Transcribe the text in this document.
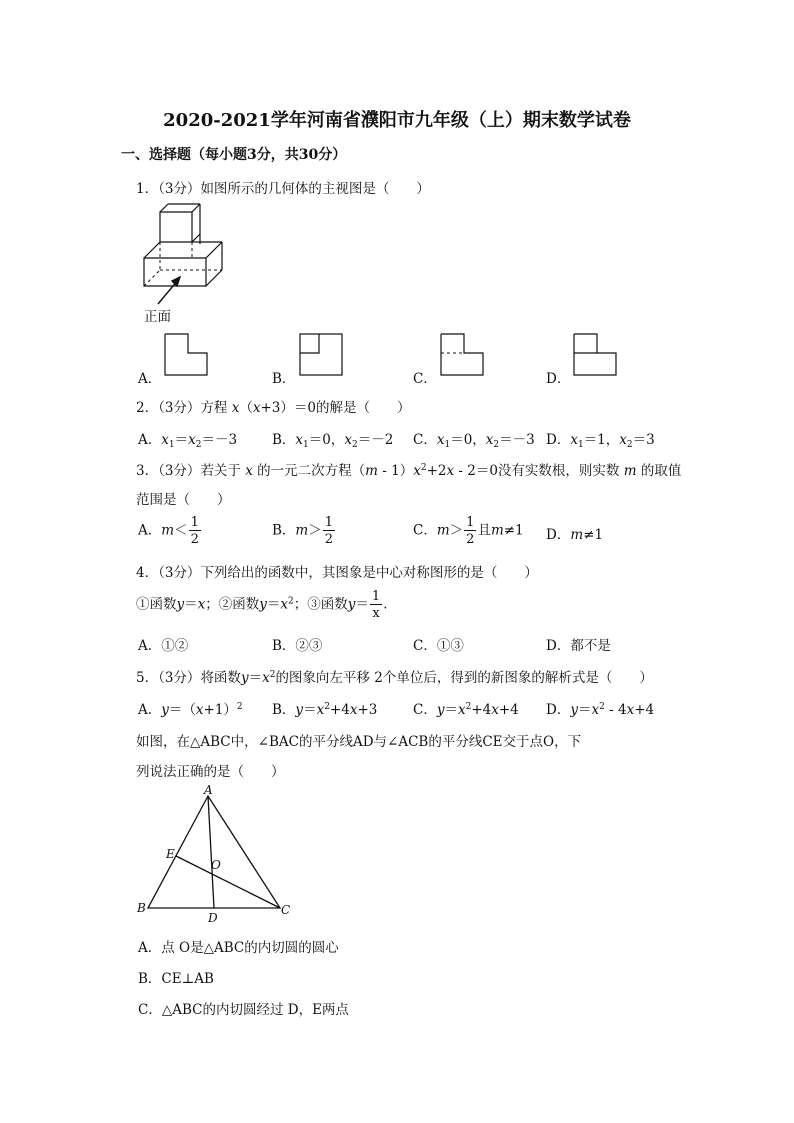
2020-2021学年河南省濮阳市九年级（上）期末数学试卷
一、选择题（每小题3分，共30分）
1．（3分）如图所示的几何体的主视图是（　　）
正面
A．	B．	C．	D．
2．（3分）方程 x（x+3）＝0的解是（　　）
A．$x_1=x_2=-3$	B．$x_1=0$，$x_2=-2$ C．$x_1=0$，$x_2=-3$ D．$x_1=1$，$x_2=3$
3．（3分）若关于 x 的一元二次方程$(m - 1)x^2+2x - 2=0$没有实数根，则实数 m 的取值
范围是（　　）
A．$m< \frac{1}{2}$	B．$m> \frac{1}{2}$	C．$m> \frac{1}{2}$ 且m≠1 D．m≠1
4．（3分）下列给出的函数中，其图象是中心对称图形的是（　　）
①函数y＝x；②函数$y=x^2$；③函数$y= \frac{1}{x}$ .
A．①②	B．②③	C．①③	D．都不是
5．（3分）将函数$y=x^2$的图象向左平移 2个单位后，得到的新图象的解析式是（　　）
A．$y=(x+1)^2$ B．$y=x^2+4x+3$	C．$y=x^2+4x+4$ D．$y=x^2 - 4x+4$
如图，在△ABC中，∠BAC的平分线AD与∠ACB的平分线CE交于点O，下
列说法正确的是（　　）
A
E
O
B
D
C
A．点 O是△ABC的内切圆的圆心
B．CE⊥AB
C．△ABC的内切圆经过 D，E两点
